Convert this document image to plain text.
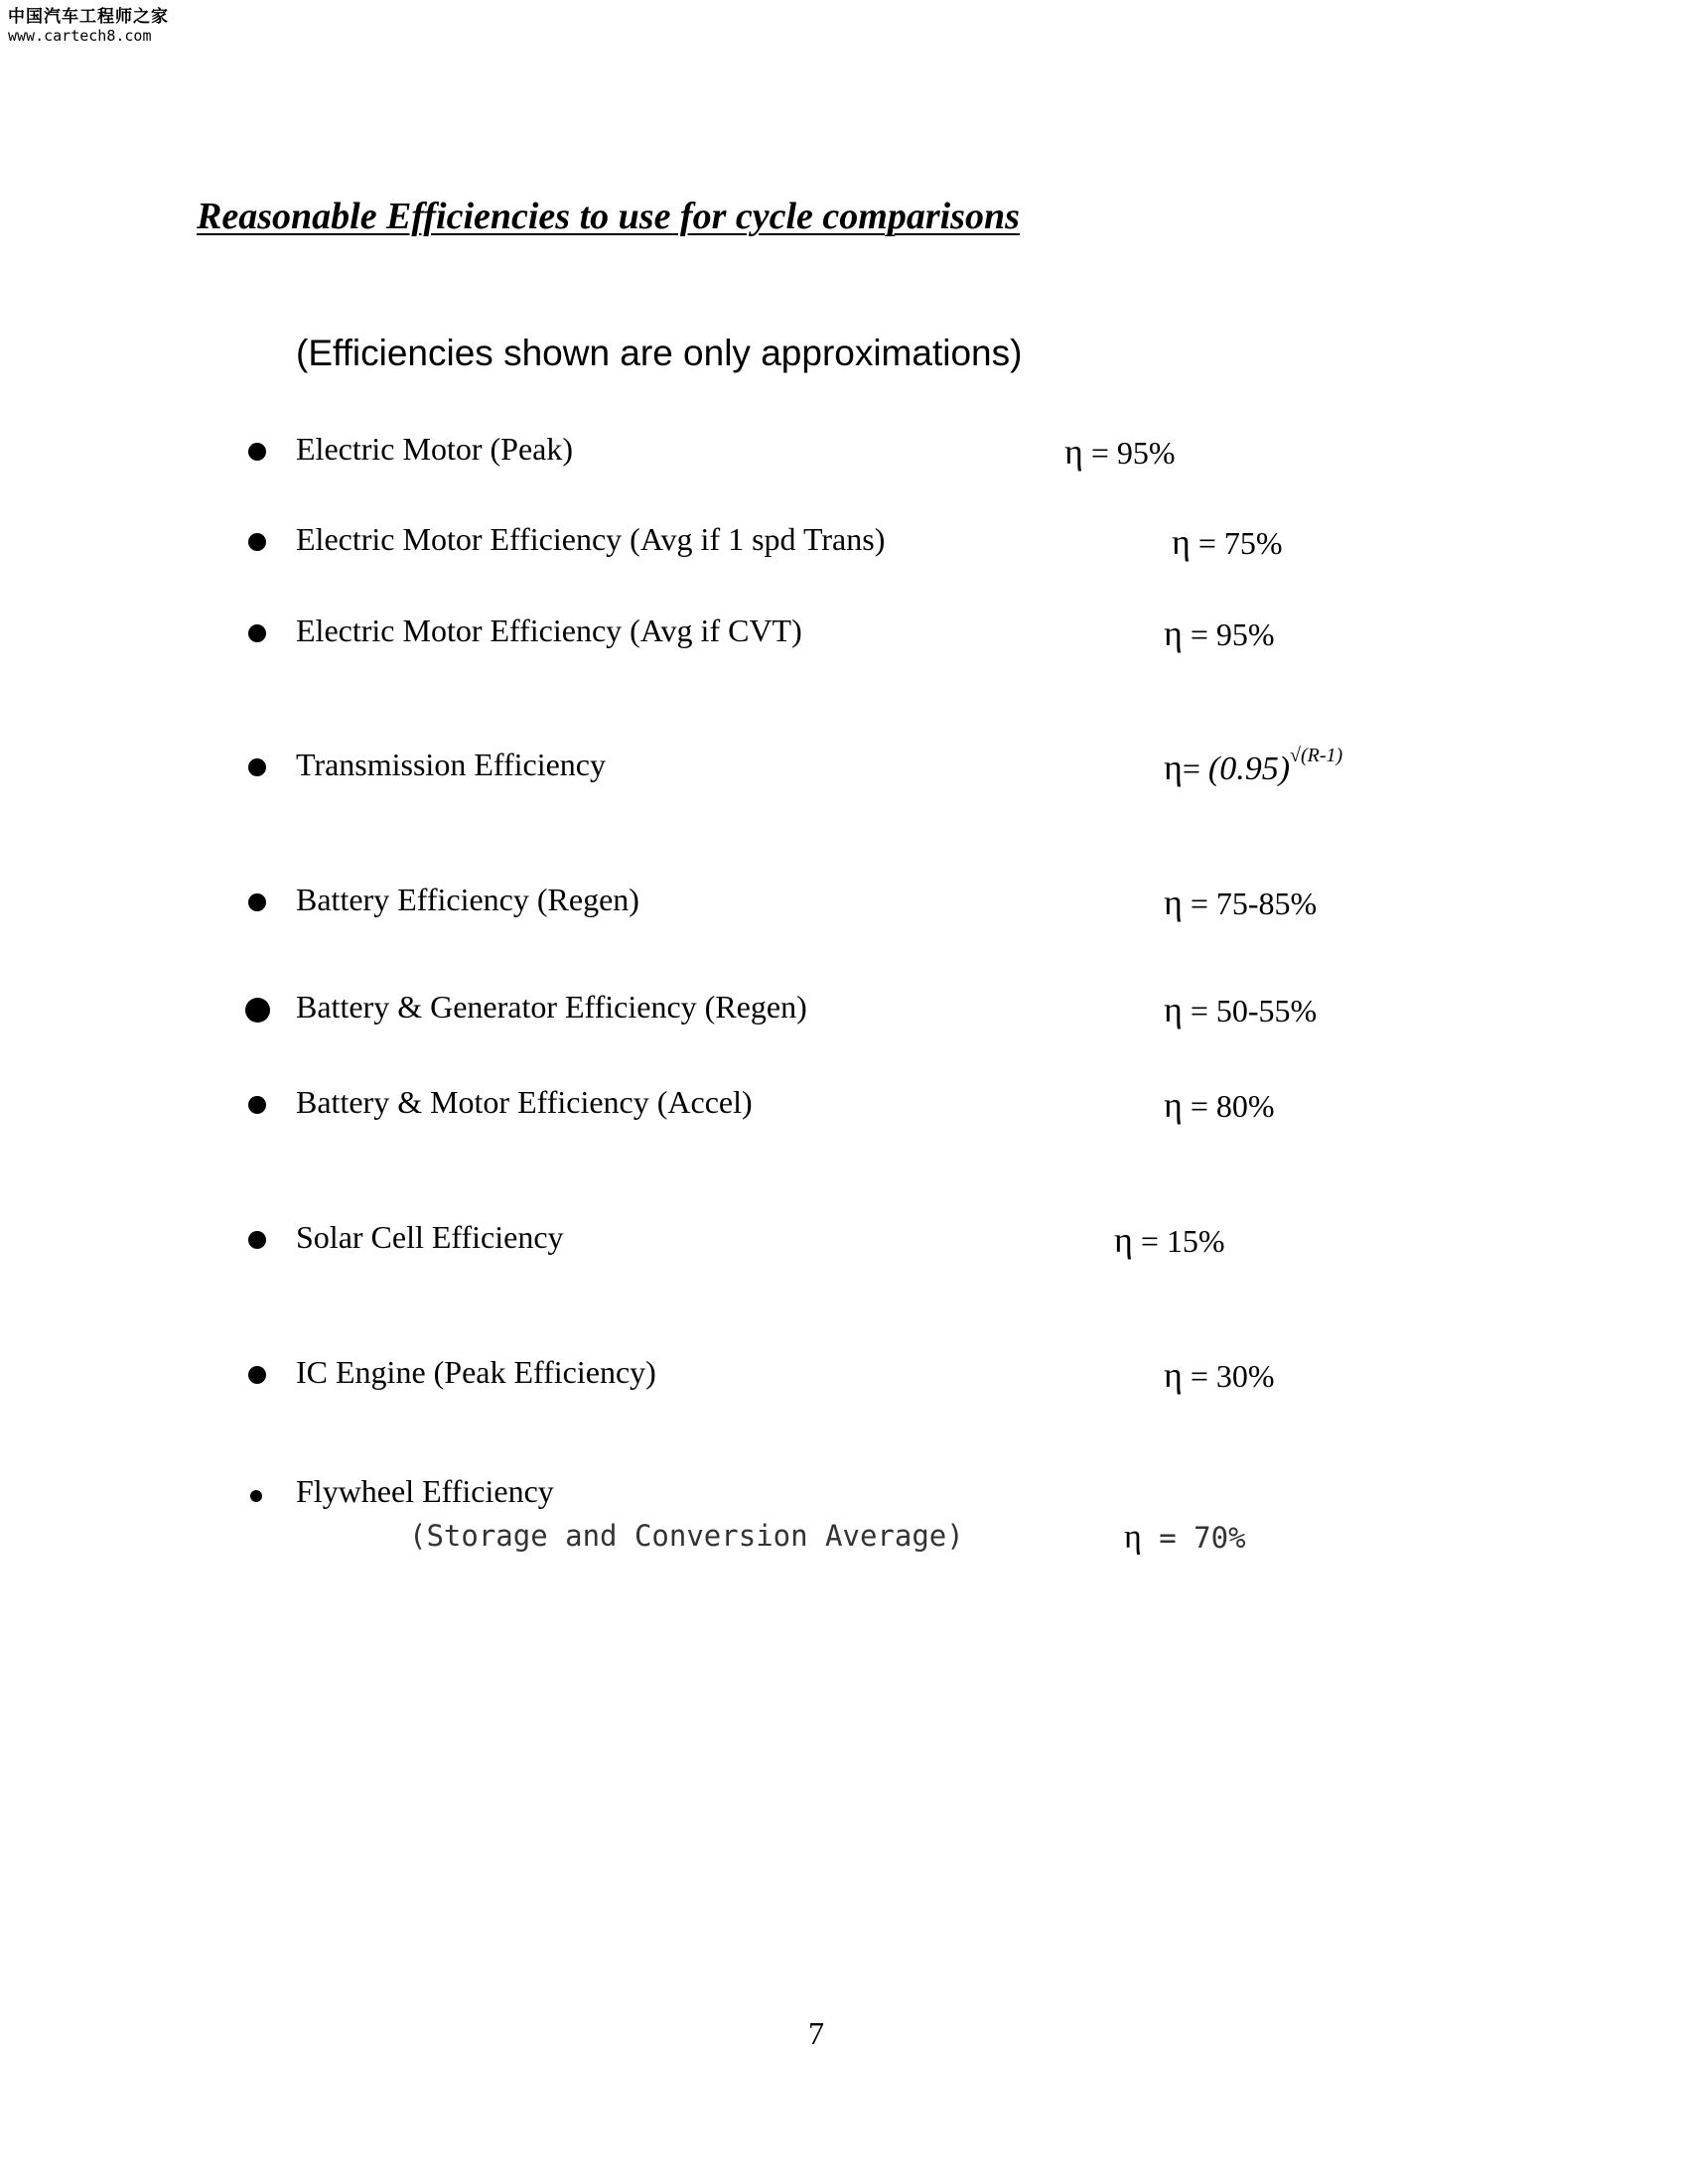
中国汽车工程师之家
www.cartech8.com
Reasonable Efficiencies to use for cycle comparisons
(Efficiencies shown are only approximations)
Electric Motor (Peak)	η = 95%
Electric Motor Efficiency (Avg if 1 spd Trans)	η = 75%
Electric Motor Efficiency (Avg if CVT)	η = 95%
Transmission Efficiency	$\eta= (0.95)^{√(R-1)}$
Battery Efficiency (Regen)	η = 75-85%
Battery & Generator Efficiency (Regen)	η = 50-55%
Battery & Motor Efficiency (Accel)	η = 80%
Solar Cell Efficiency	η = 15%
IC Engine (Peak Efficiency)	η = 30%
Flywheel Efficiency
(Storage and Conversion Average)	η = 70%
7
